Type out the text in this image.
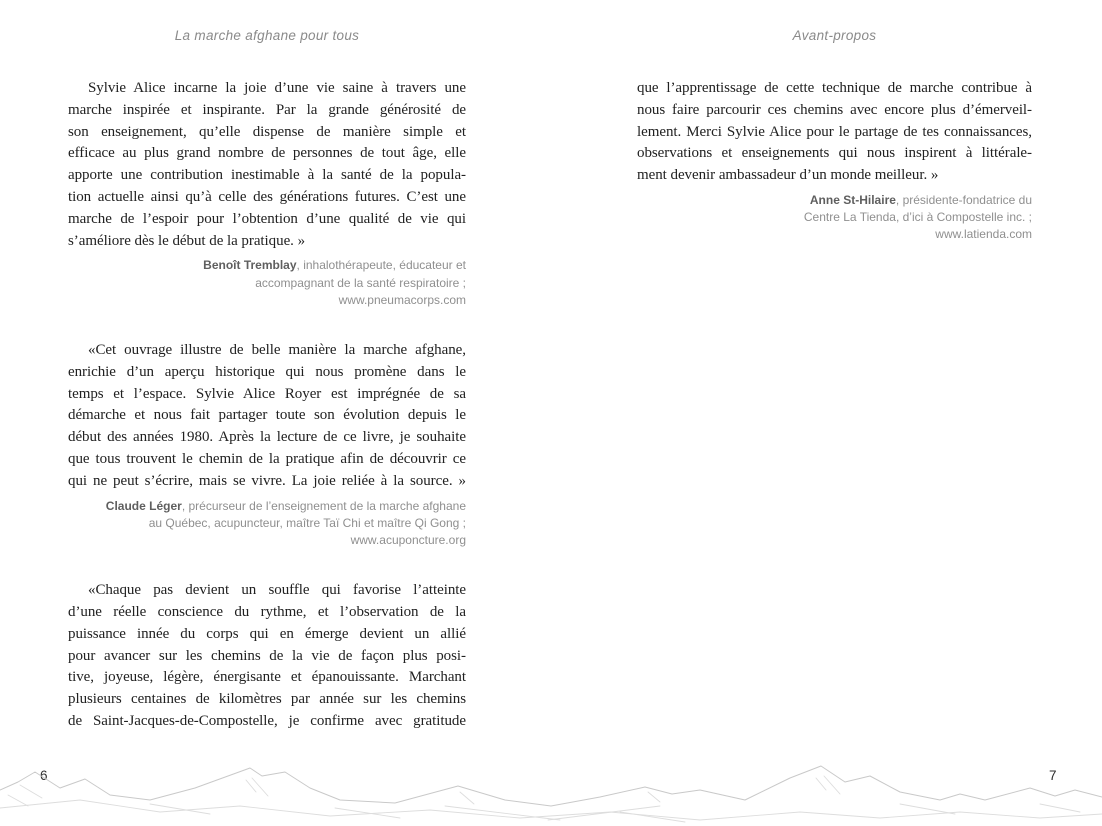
La marche afghane pour tous
Sylvie Alice incarne la joie d’une vie saine à travers une
marche inspirée et inspirante. Par la grande générosité de
son enseignement, qu’elle dispense de manière simple et
efficace au plus grand nombre de personnes de tout âge, elle
apporte une contribution inestimable à la santé de la popula-
tion actuelle ainsi qu’à celle des générations futures. C’est une
marche de l’espoir pour l’obtention d’une qualité de vie qui
s’améliore dès le début de la pratique. »
Benoît Tremblay, inhalothérapeute, éducateur et
accompagnant de la santé respiratoire ;
www.pneumacorps.com
«Cet ouvrage illustre de belle manière la marche afghane,
enrichie d’un aperçu historique qui nous promène dans le
temps et l’espace. Sylvie Alice Royer est imprégnée de sa
démarche et nous fait partager toute son évolution depuis le
début des années 1980. Après la lecture de ce livre, je souhaite
que tous trouvent le chemin de la pratique afin de découvrir ce
qui ne peut s’écrire, mais se vivre. La joie reliée à la source. »
Claude Léger, précurseur de l’enseignement de la marche afghane
au Québec, acupuncteur, maître Taï Chi et maître Qi Gong ;
www.acuponcture.org
«Chaque pas devient un souffle qui favorise l’atteinte
d’une réelle conscience du rythme, et l’observation de la
puissance innée du corps qui en émerge devient un allié
pour avancer sur les chemins de la vie de façon plus posi-
tive, joyeuse, légère, énergisante et épanouissante. Marchant
plusieurs centaines de kilomètres par année sur les chemins
de Saint-Jacques-de-Compostelle, je confirme avec gratitude
Avant-propos
que l’apprentissage de cette technique de marche contribue à
nous faire parcourir ces chemins avec encore plus d’émerveil-
lement. Merci Sylvie Alice pour le partage de tes connaissances,
observations et enseignements qui nous inspirent à littérale-
ment devenir ambassadeur d’un monde meilleur. »
Anne St-Hilaire, présidente-fondatrice du
Centre La Tienda, d’ici à Compostelle inc. ;
www.latienda.com
6	7
